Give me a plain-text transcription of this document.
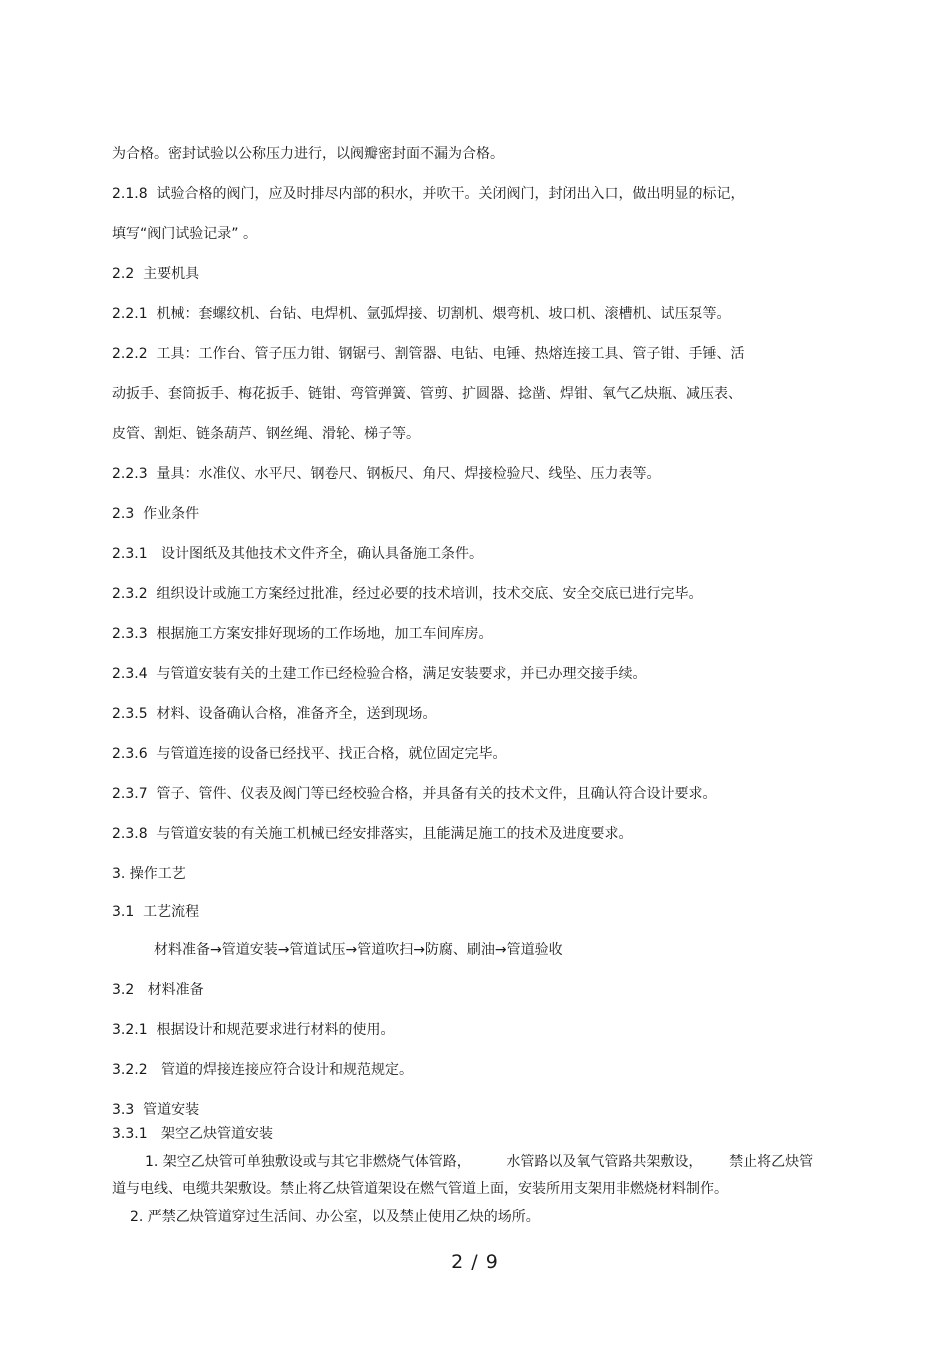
为合格。密封试验以公称压力进行，以阀瓣密封面不漏为合格。
2.1.8  试验合格的阀门，应及时排尽内部的积水，并吹干。关闭阀门，封闭出入口，做出明显的标记，
填写“阀门试验记录” 。
2.2  主要机具
2.2.1  机械：套螺纹机、台钻、电焊机、氩弧焊接、切割机、煨弯机、坡口机、滚槽机、试压泵等。
2.2.2  工具：工作台、管子压力钳、钢锯弓、割管器、电钻、电锤、热熔连接工具、管子钳、手锤、活
动扳手、套筒扳手、梅花扳手、链钳、弯管弹簧、管剪、扩圆器、捻凿、焊钳、氧气乙炔瓶、减压表、
皮管、割炬、链条葫芦、钢丝绳、滑轮、梯子等。
2.2.3  量具：水准仪、水平尺、钢卷尺、钢板尺、角尺、焊接检验尺、线坠、压力表等。
2.3  作业条件
2.3.1   设计图纸及其他技术文件齐全，确认具备施工条件。
2.3.2  组织设计或施工方案经过批准，经过必要的技术培训，技术交底、安全交底已进行完毕。
2.3.3  根据施工方案安排好现场的工作场地，加工车间库房。
2.3.4  与管道安装有关的土建工作已经检验合格，满足安装要求，并已办理交接手续。
2.3.5  材料、设备确认合格，准备齐全，送到现场。
2.3.6  与管道连接的设备已经找平、找正合格，就位固定完毕。
2.3.7  管子、管件、仪表及阀门等已经校验合格，并具备有关的技术文件，且确认符合设计要求。
2.3.8  与管道安装的有关施工机械已经安排落实，且能满足施工的技术及进度要求。
3. 操作工艺
3.1  工艺流程
材料准备→管道安装→管道试压→管道吹扫→防腐、刷油→管道验收
3.2   材料准备
3.2.1  根据设计和规范要求进行材料的使用。
3.2.2   管道的焊接连接应符合设计和规范规定。
3.3  管道安装
3.3.1   架空乙炔管道安装
1. 架空乙炔管可单独敷设或与其它非燃烧气体管路，        水管路以及氧气管路共架敷设，      禁止将乙炔管
道与电线、电缆共架敷设。禁止将乙炔管道架设在燃气管道上面，安装所用支架用非燃烧材料制作。
2. 严禁乙炔管道穿过生活间、办公室，以及禁止使用乙炔的场所。
2 / 9
